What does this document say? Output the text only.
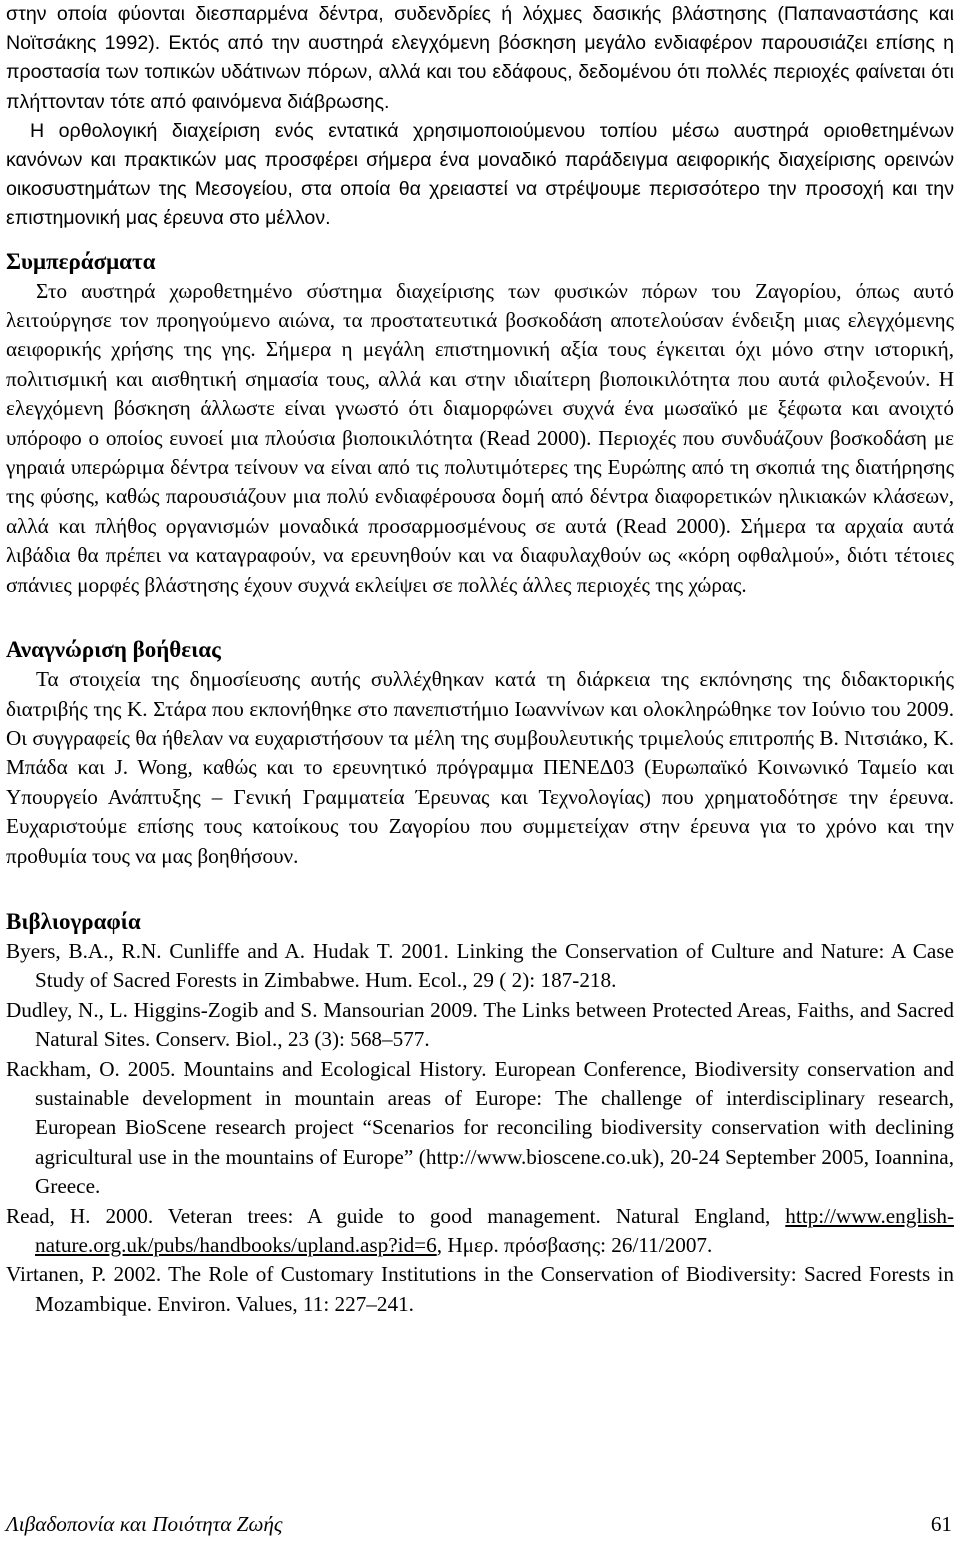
στην οποία φύονται διεσπαρμένα δέντρα, συδενδρίες ή λόχμες δασικής βλάστησης (Παπαναστάσης και Νοϊτσάκης 1992). Εκτός από την αυστηρά ελεγχόμενη βόσκηση μεγάλο ενδιαφέρον παρουσιάζει επίσης η προστασία των τοπικών υδάτινων πόρων, αλλά και του εδάφους, δεδομένου ότι πολλές περιοχές φαίνεται ότι πλήττονταν τότε από φαινόμενα διάβρωσης.

Η ορθολογική διαχείριση ενός εντατικά χρησιμοποιούμενου τοπίου μέσω αυστηρά οριοθετημένων κανόνων και πρακτικών μας προσφέρει σήμερα ένα μοναδικό παράδειγμα αειφορικής διαχείρισης ορεινών οικοσυστημάτων της Μεσογείου, στα οποία θα χρειαστεί να στρέψουμε περισσότερο την προσοχή και την επιστημονική μας έρευνα στο μέλλον.

Συμπεράσματα

Στο αυστηρά χωροθετημένο σύστημα διαχείρισης των φυσικών πόρων του Ζαγορίου, όπως αυτό λειτούργησε τον προηγούμενο αιώνα, τα προστατευτικά βοσκοδάση αποτελούσαν ένδειξη μιας ελεγχόμενης αειφορικής χρήσης της γης. Σήμερα η μεγάλη επιστημονική αξία τους έγκειται όχι μόνο στην ιστορική, πολιτισμική και αισθητική σημασία τους, αλλά και στην ιδιαίτερη βιοποικιλότητα που αυτά φιλοξενούν. Η ελεγχόμενη βόσκηση άλλωστε είναι γνωστό ότι διαμορφώνει συχνά ένα μωσαϊκό με ξέφωτα και ανοιχτό υπόροφο ο οποίος ευνοεί μια πλούσια βιοποικιλότητα (Read 2000). Περιοχές που συνδυάζουν βοσκοδάση με γηραιά υπερώριμα δέντρα τείνουν να είναι από τις πολυτιμότερες της Ευρώπης από τη σκοπιά της διατήρησης της φύσης, καθώς παρουσιάζουν μια πολύ ενδιαφέρουσα δομή από δέντρα διαφορετικών ηλικιακών κλάσεων, αλλά και πλήθος οργανισμών μοναδικά προσαρμοσμένους σε αυτά (Read 2000). Σήμερα τα αρχαία αυτά λιβάδια θα πρέπει να καταγραφούν, να ερευνηθούν και να διαφυλαχθούν ως «κόρη οφθαλμού», διότι τέτοιες σπάνιες μορφές βλάστησης έχουν συχνά εκλείψει σε πολλές άλλες περιοχές της χώρας.

Αναγνώριση βοήθειας

Τα στοιχεία της δημοσίευσης αυτής συλλέχθηκαν κατά τη διάρκεια της εκπόνησης της διδακτορικής διατριβής της Κ. Στάρα που εκπονήθηκε στο πανεπιστήμιο Ιωαννίνων και ολοκληρώθηκε τον Ιούνιο του 2009. Οι συγγραφείς θα ήθελαν να ευχαριστήσουν τα μέλη της συμβουλευτικής τριμελούς επιτροπής Β. Νιτσιάκο, Κ. Μπάδα και J. Wong, καθώς και το ερευνητικό πρόγραμμα ΠΕΝΕΔ03 (Ευρωπαϊκό Κοινωνικό Ταμείο και Υπουργείο Ανάπτυξης – Γενική Γραμματεία Έρευνας και Τεχνολογίας) που χρηματοδότησε την έρευνα. Ευχαριστούμε επίσης τους κατοίκους του Ζαγορίου που συμμετείχαν στην έρευνα για το χρόνο και την προθυμία τους να μας βοηθήσουν.

Βιβλιογραφία

Byers, B.A., R.N. Cunliffe and A. Hudak T. 2001. Linking the Conservation of Culture and Nature: A Case Study of Sacred Forests in Zimbabwe. Hum. Ecol., 29 ( 2): 187-218.

Dudley, N., L. Higgins-Zogib and S. Mansourian 2009. The Links between Protected Areas, Faiths, and Sacred Natural Sites. Conserv. Biol., 23 (3): 568–577.

Rackham, O. 2005. Mountains and Ecological History. European Conference, Biodiversity conservation and sustainable development in mountain areas of Europe: The challenge of interdisciplinary research, European BioScene research project “Scenarios for reconciling biodiversity conservation with declining agricultural use in the mountains of Europe” (http://www.bioscene.co.uk), 20-24 September 2005, Ioannina, Greece.

Read, H. 2000. Veteran trees: A guide to good management. Natural England, http://www.english-nature.org.uk/pubs/handbooks/upland.asp?id=6, Ημερ. πρόσβασης: 26/11/2007.

Virtanen, P. 2002. The Role of Customary Institutions in the Conservation of Biodiversity: Sacred Forests in Mozambique. Environ. Values, 11: 227–241.

Λιβαδοπονία και Ποιότητα Ζωής	61
